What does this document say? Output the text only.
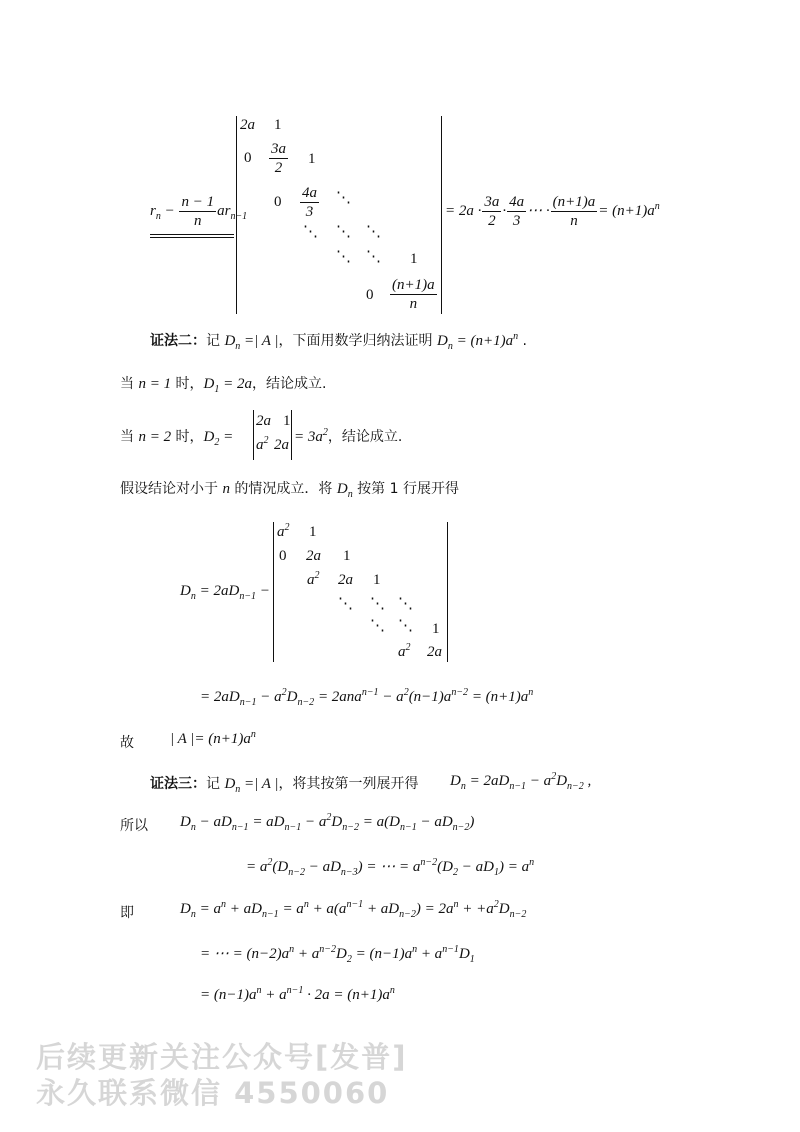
$r_n - \frac{n - 1}{n} ar_{n-1}$
2a 1
$0 \frac{3a}{2} 1$
$0 \frac{4a}{3}$ ⋱
⋱ ⋱ ⋱
⋱ ⋱ 1
$0 \frac{(n+1)a}{n}$
= $2a \cdot \frac{3a}{2} \cdot \frac{4a}{3}$ ⋯ · $\frac{(n+1)a}{n} = (n+1)a^n$
证法二：记 $D_n$ =| A |，下面用数学归纳法证明 $D_n = (n+1)a^n$ .
当 n = 1 时，$D_1 = 2a$，结论成立.
当 n = 2 时，$D_2$ =
2a 1
$a^2$ $2a = 3a^2$，结论成立.
假设结论对小于 n 的情况成立．将 $D_n$ 按第 1 行展开得
$D_n = 2aD_{n-1}$ −
$a^2$ 1
0 2a 1
$a^2$ 2a 1
⋱ ⋱ ⋱
⋱ ⋱ 1
$a^2$ 2a
= $2aD_{n-1} - a^2D_{n-2} = 2ana^{n-1} - a^2(n-1)a^{n-2} = (n+1)a^n$
故 | A |= $(n+1)a^n$
证法三：记 $D_n$ =| A |，将其按第一列展开得 $D_n = 2aD_{n-1} - a^2D_{n-2}$ ,
所以 $D_n - aD_{n-1} = aD_{n-1} - a^2D_{n-2} = a(D_{n-1} - aD_{n-2})$
= $a^2(D_{n-2} - aD_{n-3})$ = ⋯ = $a^{n-2}(D_2 - aD_1) = a^n$
即	$D_n = a^n + aD_{n-1} = a^n + a(a^{n-1} + aD_{n-2}) = 2a^n + +a^2D_{n-2}$
= ⋯ = $(n-2)a^n + a^{n-2}D_2 = (n-1)a^n + a^{n-1}D_1$
= $(n-1)a^n + a^{n-1} \cdot 2a = (n+1)a^n$
后续更新关注公众号[发普]
永久联系微信 4550060
